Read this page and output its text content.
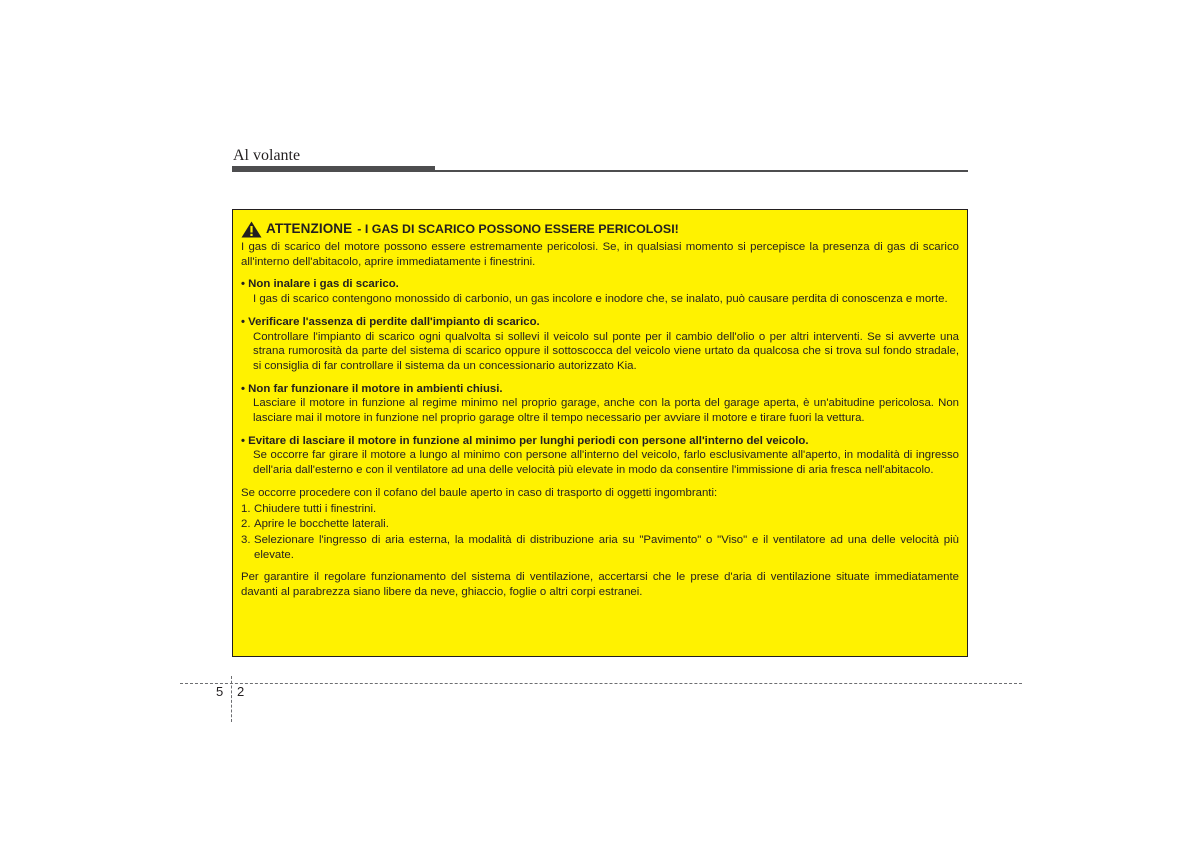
Al volante
ATTENZIONE - I GAS DI SCARICO POSSONO ESSERE PERICOLOSI!

I gas di scarico del motore possono essere estremamente pericolosi. Se, in qualsiasi momento si percepisce la presenza di gas di scarico all'interno dell'abitacolo, aprire immediatamente i finestrini.

• Non inalare i gas di scarico.
I gas di scarico contengono monossido di carbonio, un gas incolore e inodore che, se inalato, può causare perdita di conoscenza e morte.
• Verificare l'assenza di perdite dall'impianto di scarico.
Controllare l'impianto di scarico ogni qualvolta si sollevi il veicolo sul ponte per il cambio dell'olio o per altri interventi. Se si avverte una strana rumorosità da parte del sistema di scarico oppure il sottoscocca del veicolo viene urtato da qualcosa che si trova sul fondo stradale, si consiglia di far controllare il sistema da un concessionario autorizzato Kia.
• Non far funzionare il motore in ambienti chiusi.
Lasciare il motore in funzione al regime minimo nel proprio garage, anche con la porta del garage aperta, è un'abitudine pericolosa. Non lasciare mai il motore in funzione nel proprio garage oltre il tempo necessario per avviare il motore e tirare fuori la vettura.
• Evitare di lasciare il motore in funzione al minimo per lunghi periodi con persone all'interno del veicolo.
Se occorre far girare il motore a lungo al minimo con persone all'interno del veicolo, farlo esclusivamente all'aperto, in modalità di ingresso dell'aria dall'esterno e con il ventilatore ad una delle velocità più elevate in modo da consentire l'immissione di aria fresca nell'abitacolo.

Se occorre procedere con il cofano del baule aperto in caso di trasporto di oggetti ingombranti:

1. Chiudere tutti i finestrini.
2. Aprire le bocchette laterali.
3. Selezionare l'ingresso di aria esterna, la modalità di distribuzione aria su "Pavimento" o "Viso" e il ventilatore ad una delle velocità più elevate.

Per garantire il regolare funzionamento del sistema di ventilazione, accertarsi che le prese d'aria di ventilazione situate immediatamente davanti al parabrezza siano libere da neve, ghiaccio, foglie o altri corpi estranei.

5 2
